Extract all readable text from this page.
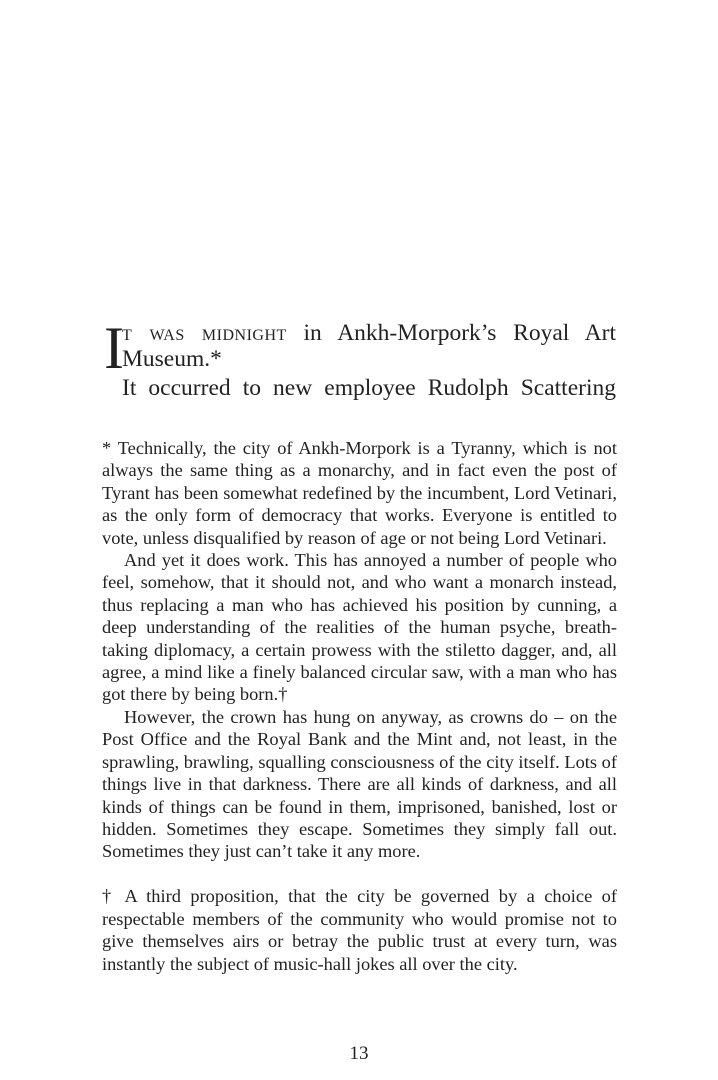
I
t was midnight in Ankh-Morpork’s Royal Art
Museum.*
It occurred to new employee Rudolph Scattering

* Technically, the city of Ankh-Morpork is a Tyranny, which is not always the same thing as a monarchy, and in fact even the post of Tyrant has been somewhat redefined by the incumbent, Lord Vetinari, as the only form of democracy that works. Everyone is entitled to vote, unless disqualified by reason of age or not being Lord Vetinari.

And yet it does work. This has annoyed a number of people who feel, somehow, that it should not, and who want a monarch instead, thus replacing a man who has achieved his position by cunning, a deep understanding of the realities of the human psyche, breath-taking diplomacy, a certain prowess with the stiletto dagger, and, all agree, a mind like a finely balanced circular saw, with a man who has got there by being born.†

However, the crown has hung on anyway, as crowns do – on the Post Office and the Royal Bank and the Mint and, not least, in the sprawling, brawling, squalling consciousness of the city itself. Lots of things live in that darkness. There are all kinds of darkness, and all kinds of things can be found in them, imprisoned, banished, lost or hidden. Sometimes they escape. Sometimes they simply fall out. Sometimes they just can’t take it any more.

† A third proposition, that the city be governed by a choice of respectable members of the community who would promise not to give themselves airs or betray the public trust at every turn, was instantly the subject of music-hall jokes all over the city.

13
